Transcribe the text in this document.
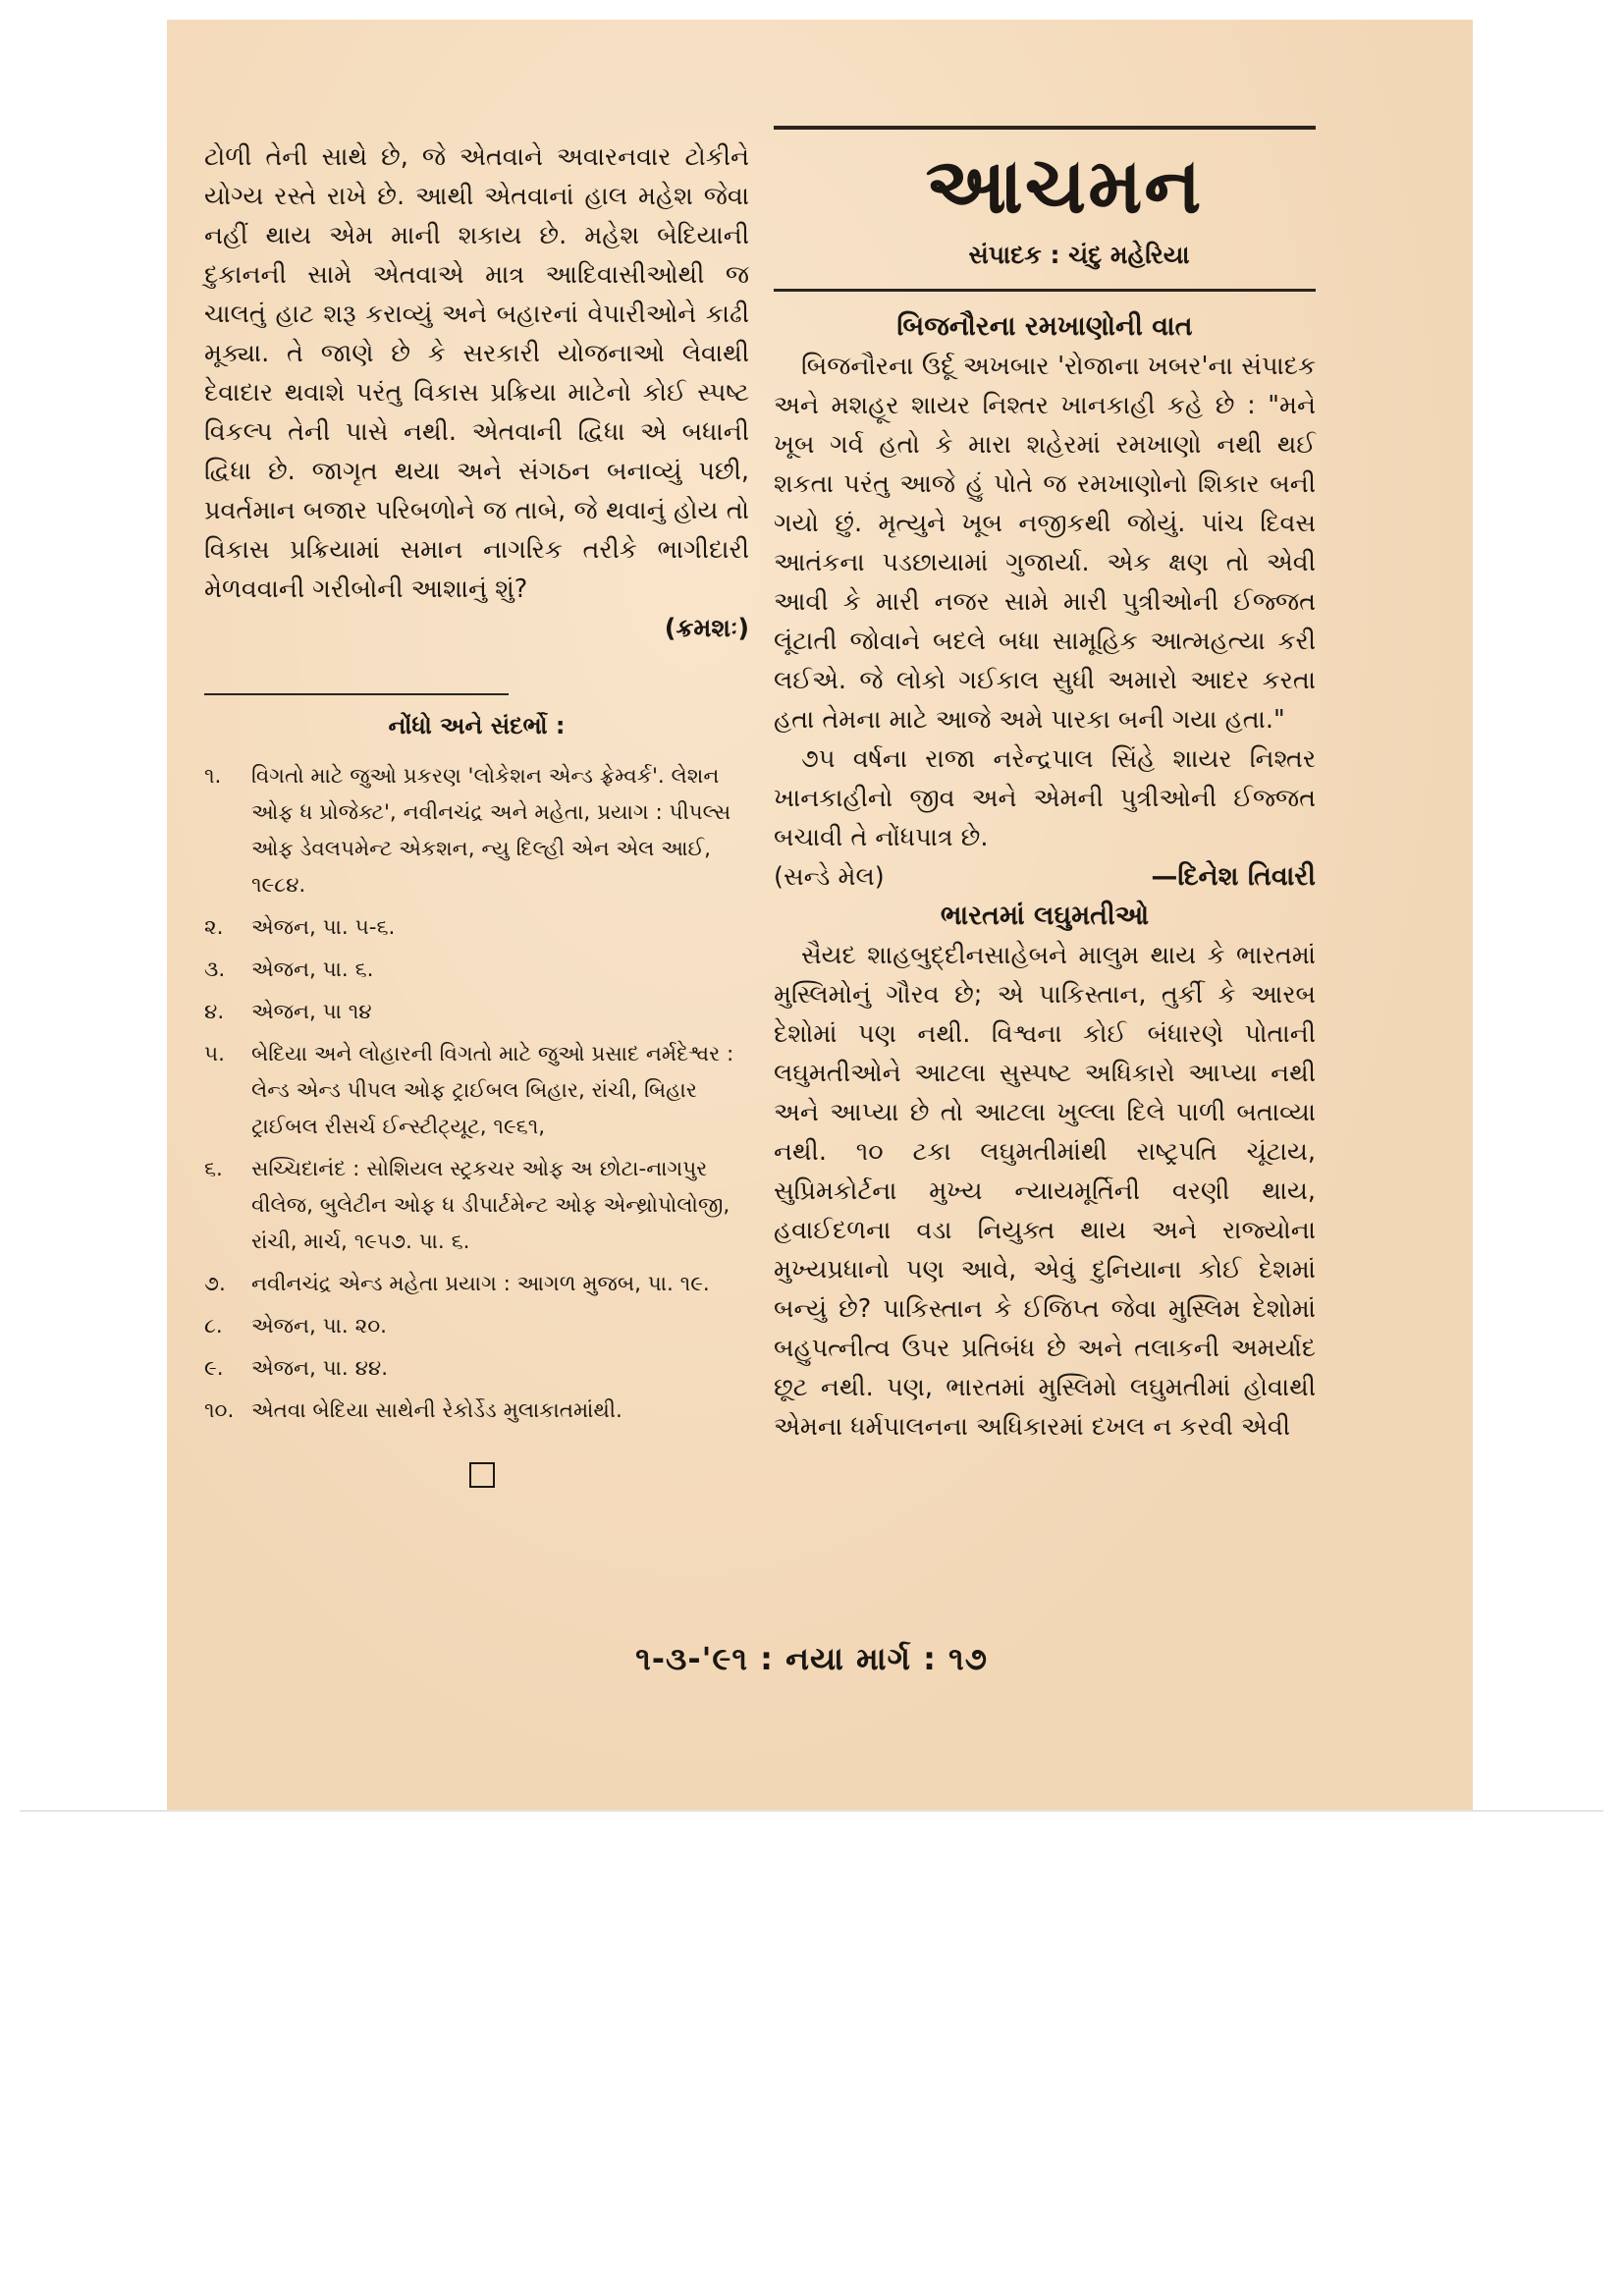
ટોળી તેની સાથે છે, જે એતવાને અવારનવાર ટોકીને યોગ્ય રસ્તે રાખે છે. આથી એતવાનાં હાલ મહેશ જેવા નહીં થાય એમ માની શકાય છે. મહેશ બેદિયાની દુકાનની સામે એતવાએ માત્ર આદિવાસીઓથી જ ચાલતું હાટ શરૂ કરાવ્યું અને બહારનાં વેપારીઓને કાઢી મૂક્યા. તે જાણે છે કે સરકારી યોજનાઓ લેવાથી દેવાદાર થવાશે પરંતુ વિકાસ પ્રક્રિયા માટેનો કોઈ સ્પષ્ટ વિકલ્પ તેની પાસે નથી. એતવાની દ્વિધા એ બધાની દ્વિધા છે. જાગૃત થયા અને સંગઠન બનાવ્યું પછી, પ્રવર્તમાન બજાર પરિબળોને જ તાબે, જે થવાનું હોય તો વિકાસ પ્રક્રિયામાં સમાન નાગરિક તરીકે ભાગીદારી મેળવવાની ગરીબોની આશાનું શું?

(ક્રમશઃ)
નોંધો અને સંદર્ભો :
૧.	વિગતો માટે જુઓ પ્રકરણ 'લોકેશન એન્ડ ફ્રેમ્વર્ક'. લેશન ઓફ ધ પ્રોજેક્ટ', નવીનચંદ્ર અને મહેતા, પ્રયાગ : પીપલ્સ ઓફ ડેવલપમેન્ટ એકશન, ન્યુ દિલ્હી એન એલ આઈ, ૧૯૮૪.
૨.	એજન, પા. ૫-૬.
૩.	એજન, પા. ૬.
૪.	એજન, પા ૧૪
૫.	બેદિયા અને લોહારની વિગતો માટે જુઓ પ્રસાદ નર્મદેશ્વર : લેન્ડ એન્ડ પીપલ ઓફ ટ્રાઈબલ બિહાર, રાંચી, બિહાર ટ્રાઈબલ રીસર્ચ ઈન્સ્ટીટ્યૂટ, ૧૯૬૧,
૬.	સચ્ચિદાનંદ : સોશિયલ સ્ટ્રકચર ઓફ અ છોટા-નાગપુર વીલેજ, બુલેટીન ઓફ ધ ડીપાર્ટમેન્ટ ઓફ એન્થ્રોપોલોજી, રાંચી, માર્ચ, ૧૯૫૭. પા. ૬.
૭.	નવીનચંદ્ર એન્ડ મહેતા પ્રયાગ : આગળ મુજબ, પા. ૧૯.
૮.	એજન, પા. ૨૦.
૯.	એજન, પા. ૪૪.
૧૦. એતવા બેદિયા સાથેની રેકોર્ડેડ મુલાકાતમાંથી.
આચમન
સંપાદક : ચંદુ મહેરિયા
બિજનૌરના રમખાણોની વાત

બિજનૌરના ઉર્દૂ અખબાર 'રોજાના ખબર'ના સંપાદક અને મશહૂર શાયર નિશ્તર ખાનકાહી કહે છે : "મને ખૂબ ગર્વ હતો કે મારા શહેરમાં રમખાણો નથી થઈ શકતા પરંતુ આજે હું પોતે જ રમખાણોનો શિકાર બની ગયો છું. મૃત્યુને ખૂબ નજીકથી જોયું. પાંચ દિવસ આતંકના પડછાયામાં ગુજાર્યા. એક ક્ષણ તો એવી આવી કે મારી નજર સામે મારી પુત્રીઓની ઈજ્જત લૂંટાતી જોવાને બદલે બધા સામૂહિક આત્મહત્યા કરી લઈએ. જે લોકો ગઈકાલ સુધી અમારો આદર કરતા હતા તેમના માટે આજે અમે પારકા બની ગયા હતા."

૭૫ વર્ષના રાજા નરેન્દ્રપાલ સિંહે શાયર નિશ્તર ખાનકાહીનો જીવ અને એમની પુત્રીઓની ઈજ્જત બચાવી તે નોંધપાત્ર છે.

(સન્ડે મેલ)	—દિનેશ તિવારી
ભારતમાં લઘુમતીઓ

સૈયદ શાહબુદ્દીનસાહેબને માલુમ થાય કે ભારતમાં મુસ્લિમોનું ગૌરવ છે; એ પાકિસ્તાન, તુર્કી કે આરબ દેશોમાં પણ નથી. વિશ્વના કોઈ બંધારણે પોતાની લઘુમતીઓને આટલા સુસ્પષ્ટ અધિકારો આપ્યા નથી અને આપ્યા છે તો આટલા ખુલ્લા દિલે પાળી બતાવ્યા નથી. ૧૦ ટકા લઘુમતીમાંથી રાષ્ટ્રપતિ ચૂંટાય, સુપ્રિમકોર્ટના મુખ્ય ન્યાયમૂર્તિની વરણી થાય, હવાઈદળના વડા નિયુક્ત થાય અને રાજ્યોના મુખ્યપ્રધાનો પણ આવે, એવું દુનિયાના કોઈ દેશમાં બન્યું છે? પાકિસ્તાન કે ઈજિપ્ત જેવા મુસ્લિમ દેશોમાં બહુપત્નીત્વ ઉપર પ્રતિબંધ છે અને તલાકની અમર્યાદ છૂટ નથી. પણ, ભારતમાં મુસ્લિમો લઘુમતીમાં હોવાથી એમના ધર્મપાલનના અધિકારમાં દખલ ન કરવી એવી

૧-૩-'૯૧ : નયા માર્ગ : ૧૭
